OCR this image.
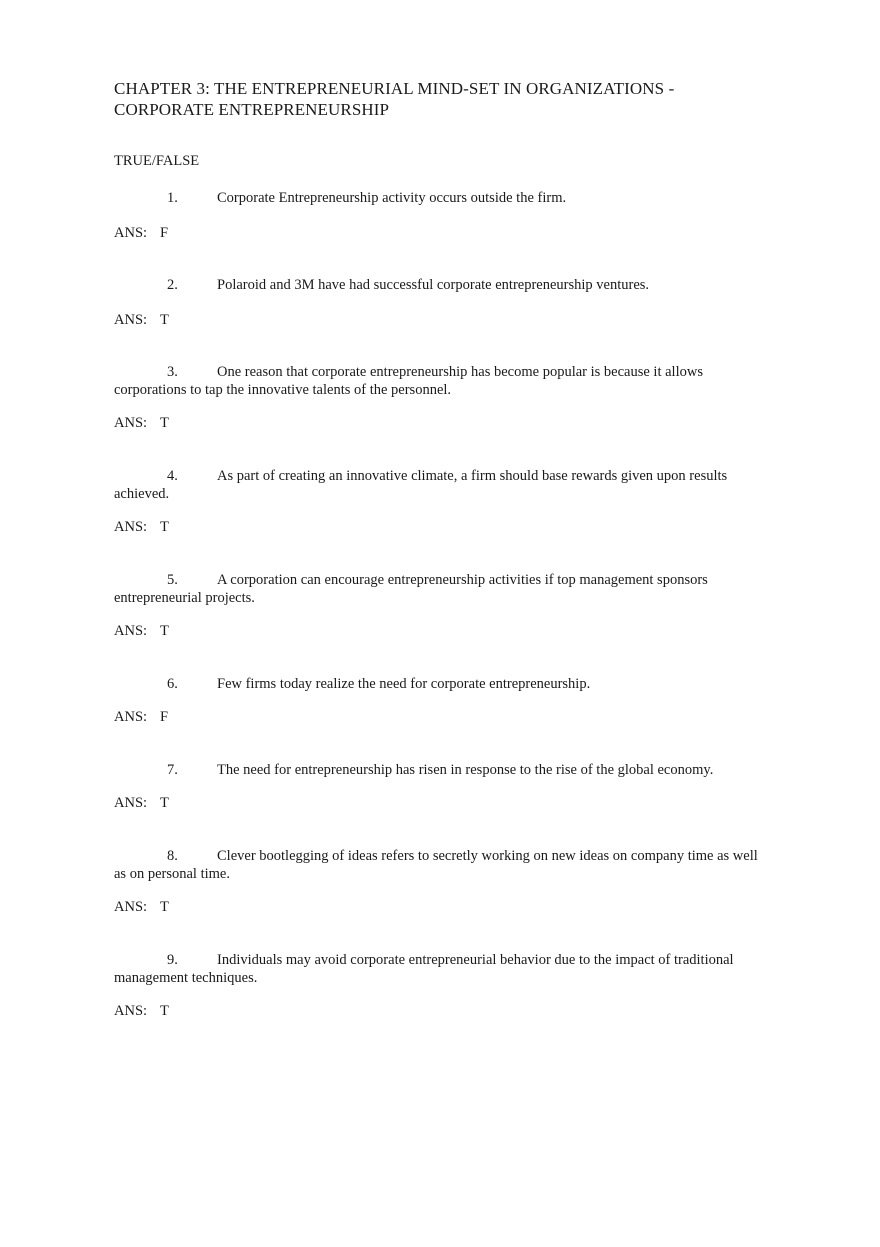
CHAPTER 3: THE ENTREPRENEURIAL MIND-SET IN ORGANIZATIONS -
CORPORATE ENTREPRENEURSHIP
TRUE/FALSE
1.	Corporate Entrepreneurship activity occurs outside the firm.
ANS: F
2.	Polaroid and 3M have had successful corporate entrepreneurship ventures.
ANS: T
3.	One reason that corporate entrepreneurship has become popular is because it allows corporations to tap the innovative talents of the personnel.
ANS: T
4.	As part of creating an innovative climate, a firm should base rewards given upon results achieved.
ANS: T
5.	A corporation can encourage entrepreneurship activities if top management sponsors entrepreneurial projects.
ANS: T
6.	Few firms today realize the need for corporate entrepreneurship.
ANS: F
7.	The need for entrepreneurship has risen in response to the rise of the global economy.
ANS: T
8.	Clever bootlegging of ideas refers to secretly working on new ideas on company time as well as on personal time.
ANS: T
9.	Individuals may avoid corporate entrepreneurial behavior due to the impact of traditional management techniques.
ANS: T
